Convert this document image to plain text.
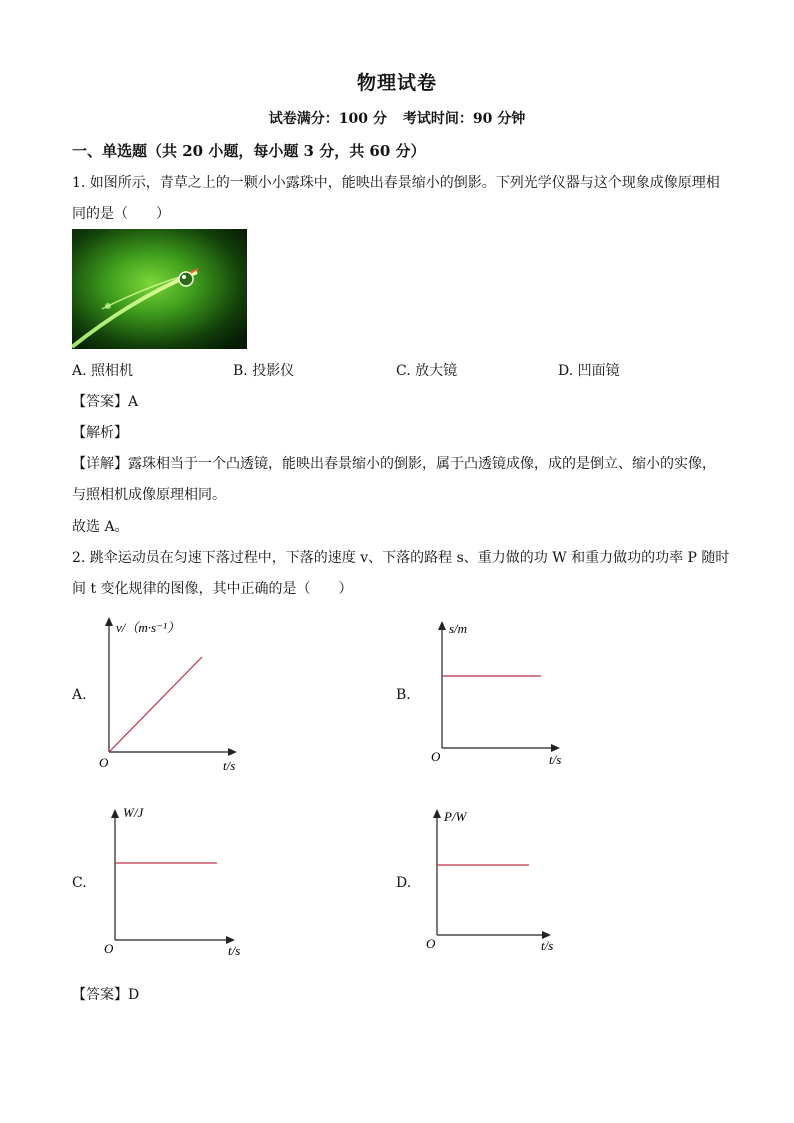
物理试卷
试卷满分：100 分 考试时间：90 分钟
一、单选题（共 20 小题，每小题 3 分，共 60 分）
1. 如图所示，青草之上的一颗小小露珠中，能映出春景缩小的倒影。下列光学仪器与这个现象成像原理相
同的是（　　）
A. 照相机	B. 投影仪	C. 放大镜	D. 凹面镜
【答案】A
【解析】
【详解】露珠相当于一个凸透镜，能映出春景缩小的倒影，属于凸透镜成像，成的是倒立、缩小的实像，
与照相机成像原理相同。
故选 A。
2. 跳伞运动员在匀速下落过程中，下落的速度 v、下落的路程 s、重力做的功 W 和重力做功的功率 P 随时
间 t 变化规律的图像，其中正确的是（　　）
A.
v/（m·s⁻¹）
t/s
O
B.
s/m
t/s
O
C.
W/J
t/s
O
D.
P/W
t/s
O
【答案】D
